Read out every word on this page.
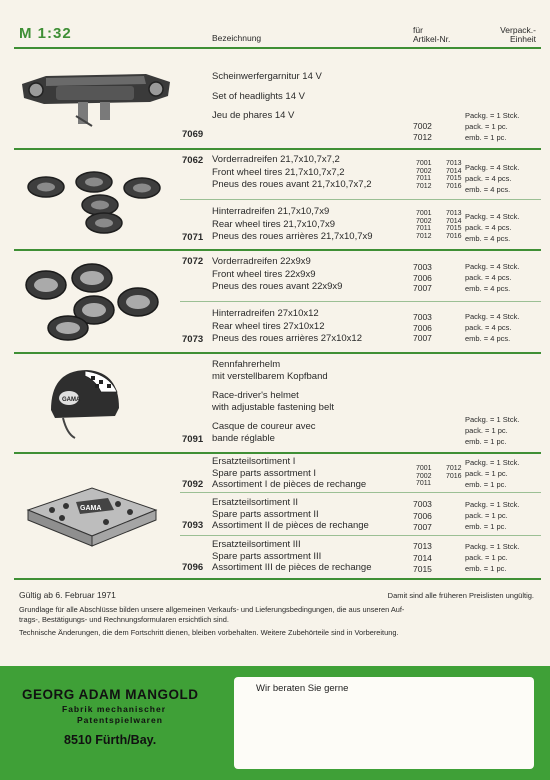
M 1:32	Bezeichnung
für
Artikel-Nr.
Verpack.-
Einheit
GAMA
GAMA
Scheinwerfergarnitur 14 V
Set of headlights 14 V
Jeu de phares 14 V
7069
7002
7012
Packg. = 1 Stck.
pack. = 1 pc.
emb. = 1 pc.
7062 Vorderradreifen 21,7x10,7x7,2
Front wheel tires 21,7x10,7x7,2
Pneus des roues avant 21,7x10,7x7,2
7001
7002
7011
7012
7013
7014
7015
7016
Packg. = 4 Stck.
pack. = 4 pcs.
emb. = 4 pcs.
Hinterradreifen 21,7x10,7x9
Rear wheel tires 21,7x10,7x9
Pneus des roues arrières 21,7x10,7x9
7071
7001
7002
7011
7012
7013
7014
7015
7016
Packg. = 4 Stck.
pack. = 4 pcs.
emb. = 4 pcs.
7072 Vorderradreifen 22x9x9
Front wheel tires 22x9x9
Pneus des roues avant 22x9x9
7003
7006
7007
Packg. = 4 Stck.
pack. = 4 pcs.
emb. = 4 pcs.
Hinterradreifen 27x10x12
Rear wheel tires 27x10x12
Pneus des roues arrières 27x10x12
7073
7003
7006
7007
Packg. = 4 Stck.
pack. = 4 pcs.
emb. = 4 pcs.
Rennfahrerhelm
mit verstellbarem Kopfband
Race-driver's helmet
with adjustable fastening belt
Casque de coureur avec
bande réglable
7091
Packg. = 1 Stck.
pack. = 1 pc.
emb. = 1 pc.
Ersatzteilsortiment I
Spare parts assortment I
Assortiment I de pièces de rechange
7092
7001
7002
7011
7012
7016
Packg. = 1 Stck.
pack. = 1 pc.
emb. = 1 pc.
Ersatzteilsortiment II
Spare parts assortment II
Assortiment II de pièces de rechange
7093
7003
7006
7007
Packg. = 1 Stck.
pack. = 1 pc.
emb. = 1 pc.
Ersatzteilsortiment III
Spare parts assortment III
Assortiment III de pièces de rechange
7096
7013
7014
7015
Packg. = 1 Stck.
pack. = 1 pc.
emb. = 1 pc.
Gültig ab 6. Februar 1971	Damit sind alle früheren Preislisten ungültig.
Grundlage für alle Abschlüsse bilden unsere allgemeinen Verkaufs- und Lieferungsbedingungen, die aus unseren Auf-
trags-, Bestätigungs- und Rechnungsformularen ersichtlich sind.
Technische Änderungen, die dem Fortschritt dienen, bleiben vorbehalten. Weitere Zubehörteile sind in Vorbereitung.
GEORG ADAM MANGOLD
Fabrik mechanischer
Patentspielwaren
8510 Fürth/Bay.
Wir beraten Sie gerne
